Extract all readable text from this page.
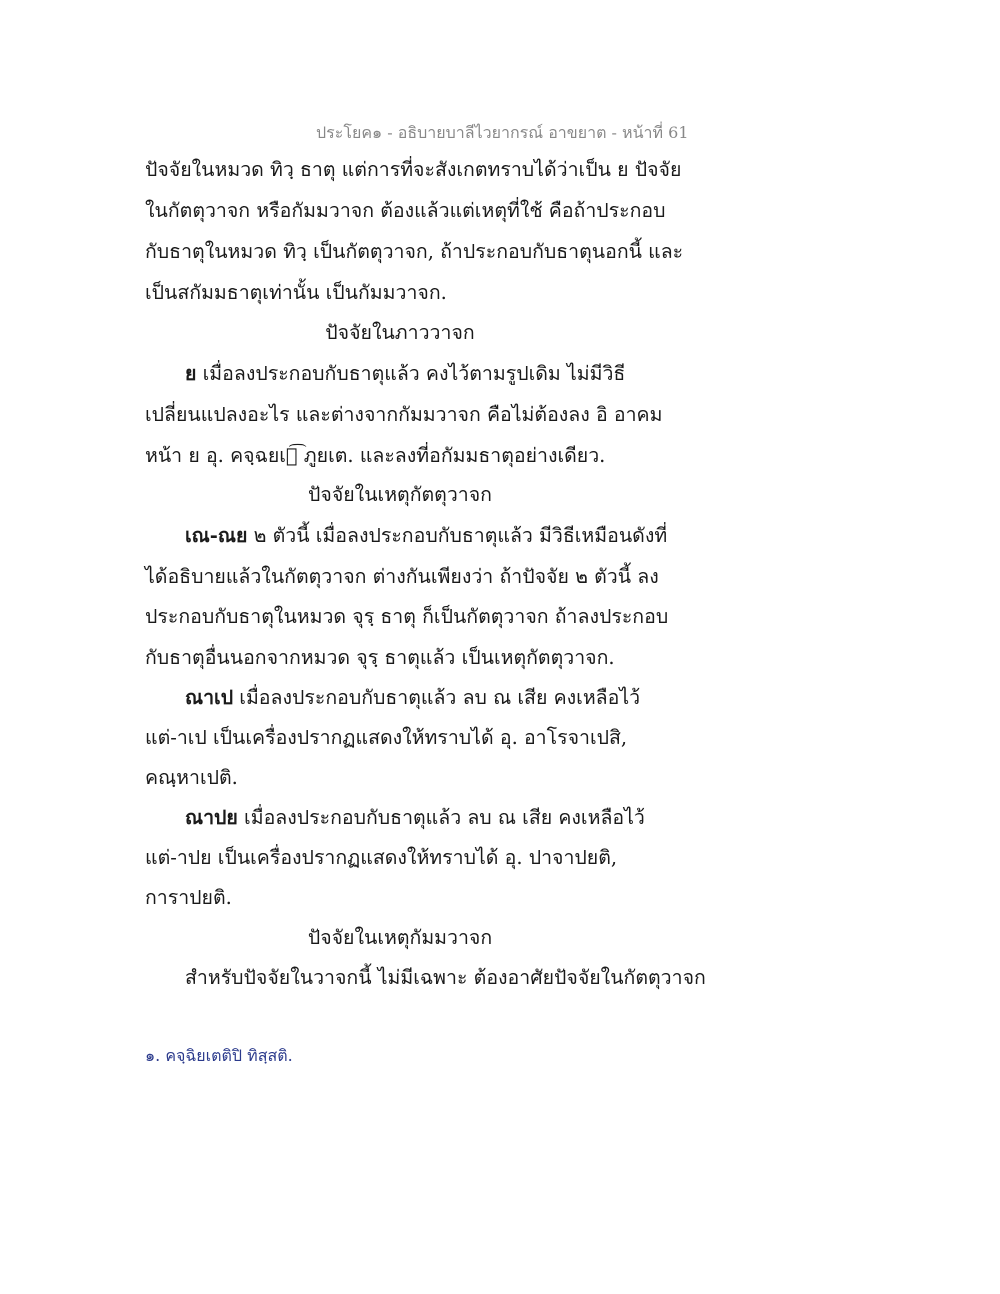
ประโยค๑ - อธิบายบาลีไวยากรณ์ อาขยาต - หน้าที่ 61
ปัจจัยในหมวด ทิวฺ ธาตุ แต่การที่จะสังเกตทราบได้ว่าเป็น ย ปัจจัย
ในกัตตุวาจก หรือกัมมวาจก ต้องแล้วแต่เหตุที่ใช้ คือถ้าประกอบ
กับธาตุในหมวด ทิวฺ เป็นกัตตุวาจก, ถ้าประกอบกับธาตุนอกนี้ และ
เป็นสกัมมธาตุเท่านั้น เป็นกัมมวาจก.
ปัจจัยในภาววาจก
ย เมื่อลงประกอบกับธาตุแล้ว คงไว้ตามรูปเดิม ไม่มีวิธี
เปลี่ยนแปลงอะไร และต่างจากกัมมวาจก คือไม่ต้องลง อิ อาคม
หน้า ย อุ. คจฺฉยเต͡ ภูยเต. และลงที่อกัมมธาตุอย่างเดียว.
ปัจจัยในเหตุกัตตุวาจก
เณ-ณย ๒ ตัวนี้ เมื่อลงประกอบกับธาตุแล้ว มีวิธีเหมือนดังที่
ได้อธิบายแล้วในกัตตุวาจก ต่างกันเพียงว่า ถ้าปัจจัย ๒ ตัวนี้ ลง
ประกอบกับธาตุในหมวด จุรฺ ธาตุ ก็เป็นกัตตุวาจก ถ้าลงประกอบ
กับธาตุอื่นนอกจากหมวด จุรฺ ธาตุแล้ว เป็นเหตุกัตตุวาจก.
ณาเป เมื่อลงประกอบกับธาตุแล้ว ลบ ณ เสีย คงเหลือไว้
แต่-าเป เป็นเครื่องปรากฏแสดงให้ทราบได้ อุ. อาโรจาเปสิ,
คณฺหาเปติ.
ณาปย เมื่อลงประกอบกับธาตุแล้ว ลบ ณ เสีย คงเหลือไว้
แต่-าปย เป็นเครื่องปรากฏแสดงให้ทราบได้ อุ. ปาจาปยติ,
การาปยติ.
ปัจจัยในเหตุกัมมวาจก
สำหรับปัจจัยในวาจกนี้ ไม่มีเฉพาะ ต้องอาศัยปัจจัยในกัตตุวาจก
๑. คจฺฉิยเตติปิ ทิสฺสติ.
